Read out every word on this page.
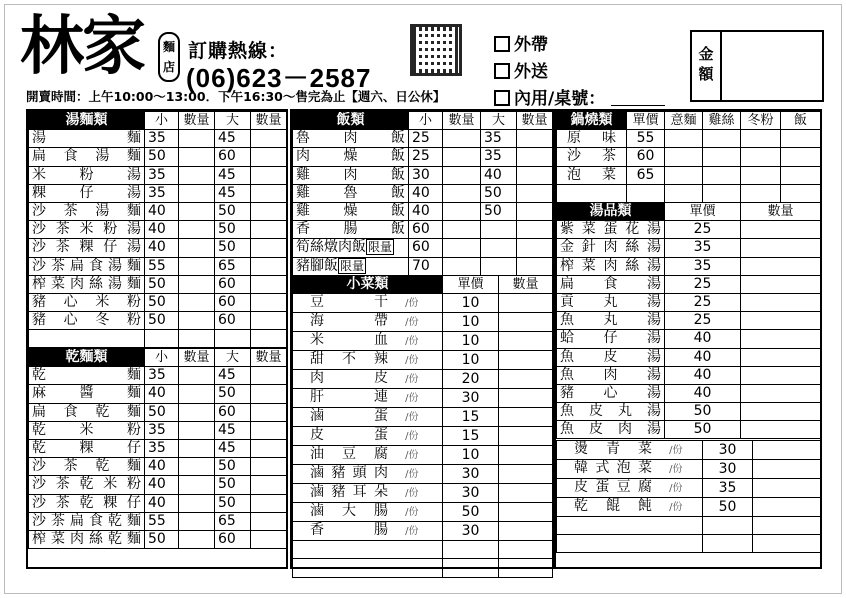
林家	麵店
訂購熱線：
(06)623－2587
外帶
外送
內用/桌號：
開賣時間：上午10:00～13:00．下午16:30～售完為止【週六、日公休】
金額
湯麵類	小	數量	大	數量
湯麵	35		45	
扁食湯麵	50		60	
米粉湯	35		45	
粿仔湯	35		45	
沙茶湯麵	40		50	
沙茶米粉湯	40		50	
沙茶粿仔湯	40		50	
沙茶扁食湯麵	55		65	
榨菜肉絲湯麵	50		60	
豬心米粉	50		60	
豬心冬粉	50		60	

乾麵類	小	數量	大	數量
乾麵	35		45	
麻醬麵	40		50	
扁食乾麵	50		60	
乾米粉	35		45	
乾粿仔	35		45	
沙茶乾麵	40		50	
沙茶乾米粉	40		50	
沙茶乾粿仔	40		50	
沙茶扁食乾麵	55		65	
榨菜肉絲乾麵	50		60	
飯類	小	數量	大	數量
魯肉飯	25		35	
肉燥飯	25		35	
雞肉飯	30		40	
雞魯飯	40		50	
雞燥飯	40		50	
香腸飯	60			
筍絲燉肉飯 限量	60			
豬腳飯 限量	70			
小菜類	單價	數量
豆干 /份	10	
海帶 /份	10	
米血 /份	10	
甜不辣 /份	10	
肉皮 /份	20	
肝連 /份	30	
滷蛋 /份	15	
皮蛋 /份	15	
油豆腐 /份	10	
滷豬頭肉 /份	30	
滷豬耳朵 /份	30	
滷大腸 /份	50	
香腸 /份	30	

鍋燒類	單價	意麵	雞絲	冬粉	飯
原味	55				
沙茶	60				
泡菜	65				

湯品類	單價	數量
紫菜蛋花湯	25	
金針肉絲湯	35	
榨菜肉絲湯	35	
扁食湯	25	
貢丸湯	25	
魚丸湯	25	
蛤仔湯	40	
魚皮湯	40	
魚肉湯	40	
豬心湯	40	
魚皮丸湯	50	
魚皮肉湯	50	
燙青菜 /份	30	
韓式泡菜 /份	30	
皮蛋豆腐 /份	35	
乾餛飩 /份	50	
